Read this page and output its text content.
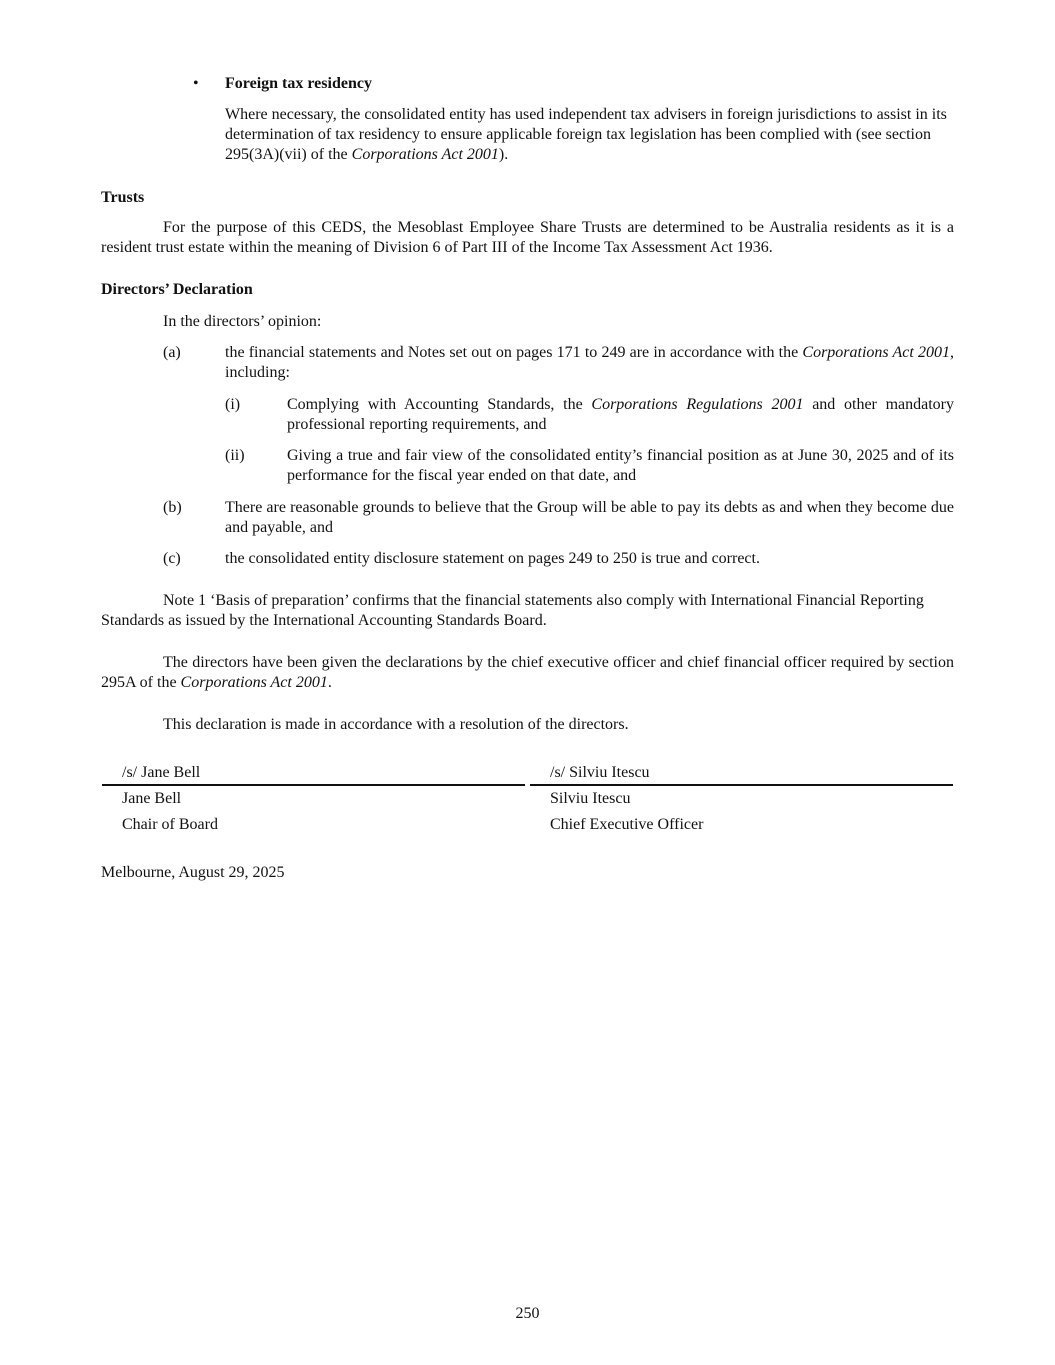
• Foreign tax residency
Where necessary, the consolidated entity has used independent tax advisers in foreign jurisdictions to assist in its determination of tax residency to ensure applicable foreign tax legislation has been complied with (see section 295(3A)(vii) of the Corporations Act 2001).
Trusts
For the purpose of this CEDS, the Mesoblast Employee Share Trusts are determined to be Australia residents as it is a resident trust estate within the meaning of Division 6 of Part III of the Income Tax Assessment Act 1936.
Directors’ Declaration
In the directors’ opinion:
(a)	the financial statements and Notes set out on pages 171 to 249 are in accordance with the Corporations Act 2001, including:
(i)	Complying with Accounting Standards, the Corporations Regulations 2001 and other mandatory professional reporting requirements, and
(ii)	Giving a true and fair view of the consolidated entity’s financial position as at June 30, 2025 and of its performance for the fiscal year ended on that date, and
(b)	There are reasonable grounds to believe that the Group will be able to pay its debts as and when they become due and payable, and
(c)	the consolidated entity disclosure statement on pages 249 to 250 is true and correct.
Note 1 ‘Basis of preparation’ confirms that the financial statements also comply with International Financial Reporting Standards as issued by the International Accounting Standards Board.
The directors have been given the declarations by the chief executive officer and chief financial officer required by section 295A of the Corporations Act 2001.
This declaration is made in accordance with a resolution of the directors.
/s/ Jane Bell
Jane Bell
Chair of Board
/s/ Silviu Itescu
Silviu Itescu
Chief Executive Officer
Melbourne, August 29, 2025
250
